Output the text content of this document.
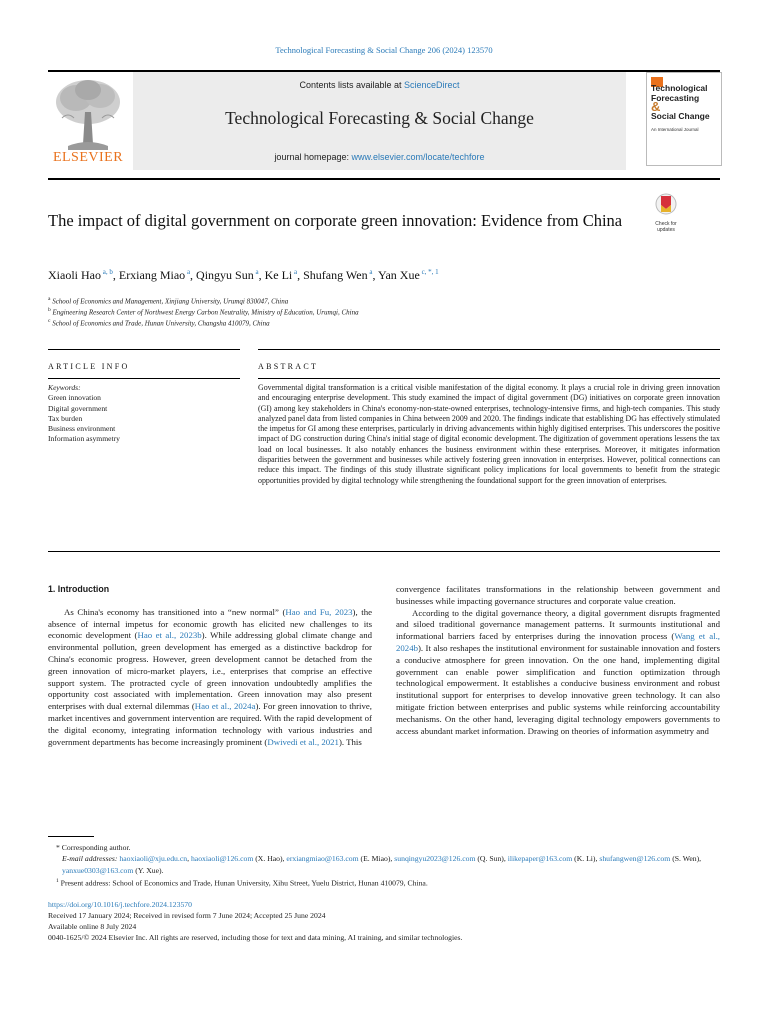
Technological Forecasting & Social Change 206 (2024) 123570
ELSEVIER
Contents lists available at ScienceDirect
Technological Forecasting & Social Change
journal homepage: www.elsevier.com/locate/techfore
Technological
Forecasting
&
Social Change
An International Journal
The impact of digital government on corporate green innovation: Evidence from China	Check for updates
Xiaoli Hao $^{a, b}$, Erxiang Miao $^a$, Qingyu Sun $^a$, Ke Li $^a$, Shufang Wen $^a$, Yan Xue $^{c, *, 1}$
$^a$ School of Economics and Management, Xinjiang University, Urumqi 830047, China
$^b$ Engineering Research Center of Northwest Energy Carbon Neutrality, Ministry of Education, Urumqi, China
$^c$ School of Economics and Trade, Hunan University, Changsha 410079, China
ARTICLE INFO	ABSTRACT
Keywords:
Green innovation
Digital government
Tax burden
Business environment
Information asymmetry
Governmental digital transformation is a critical visible manifestation of the digital economy. It plays a crucial role in driving green innovation and encouraging enterprise development. This study examined the impact of digital government (DG) initiatives on corporate green innovation (GI) among key stakeholders in China's economy-non-state-owned enterprises, technology-intensive firms, and high-tech companies. This study analyzed panel data from listed companies in China between 2009 and 2020. The findings indicate that establishing DG has effectively stimulated the impetus for GI among these enterprises, particularly in driving advancements within highly digitised enterprises. This underscores the positive impact of DG construction during China's initial stage of digital economic development. The digitization of government operations lessens the tax load on local businesses. It also notably enhances the business environment within these enterprises. Moreover, it mitigates information disparities between the government and businesses while actively fostering green innovation in enterprises. However, political connections can reduce this impact. The findings of this study illustrate significant policy implications for local governments to benefit from the strategic opportunities provided by digital technology while strengthening the foundational support for the green innovation of enterprises.
1. Introduction

As China's economy has transitioned into a “new normal” (Hao and Fu, 2023), the absence of internal impetus for economic growth has elicited new challenges to its economic development (Hao et al., 2023b). While addressing global climate change and environmental pollution, green development has emerged as a distinctive backdrop for China's economic progress. However, green development cannot be detached from the green innovation of micro-market players, i.e., enterprises that comprise an effective support system. The protracted cycle of green innovation undoubtedly amplifies the opportunity cost associated with implementation. Green innovation may also present enterprises with dual external dilemmas (Hao et al., 2024a). For green innovation to thrive, market incentives and government intervention are required. With the rapid development of the digital economy, integrating information technology with various industries and government departments has become increasingly prominent (Dwivedi et al., 2021). This

convergence facilitates transformations in the relationship between government and businesses while impacting governance structures and corporate value creation.

According to the digital governance theory, a digital government disrupts fragmented and siloed traditional governance management patterns. It surmounts institutional and informational barriers faced by enterprises during the innovation process (Wang et al., 2024b). It also reshapes the institutional environment for sustainable innovation and fosters a conducive atmosphere for green innovation. On the one hand, implementing digital government can enable power simplification and function optimization through technological empowerment. It establishes a conducive business environment and robust institutional support for enterprises to develop innovative green technology. It can also mitigate friction between enterprises and public systems while reinforcing accountability mechanisms. On the other hand, leveraging digital technology empowers governments to access abundant market information. Drawing on theories of information asymmetry and

* Corresponding author.
E-mail addresses: haoxiaoli@xju.edu.cn, haoxiaoli@126.com (X. Hao), erxiangmiao@163.com (E. Miao), sunqingyu2023@126.com (Q. Sun), ilikepaper@163.com (K. Li), shufangwen@126.com (S. Wen), yanxue0303@163.com (Y. Xue).
$^1$ Present address: School of Economics and Trade, Hunan University, Xihu Street, Yuelu District, Hunan 410079, China.
https://doi.org/10.1016/j.techfore.2024.123570
Received 17 January 2024; Received in revised form 7 June 2024; Accepted 25 June 2024
Available online 8 July 2024
0040-1625/© 2024 Elsevier Inc. All rights are reserved, including those for text and data mining, AI training, and similar technologies.
